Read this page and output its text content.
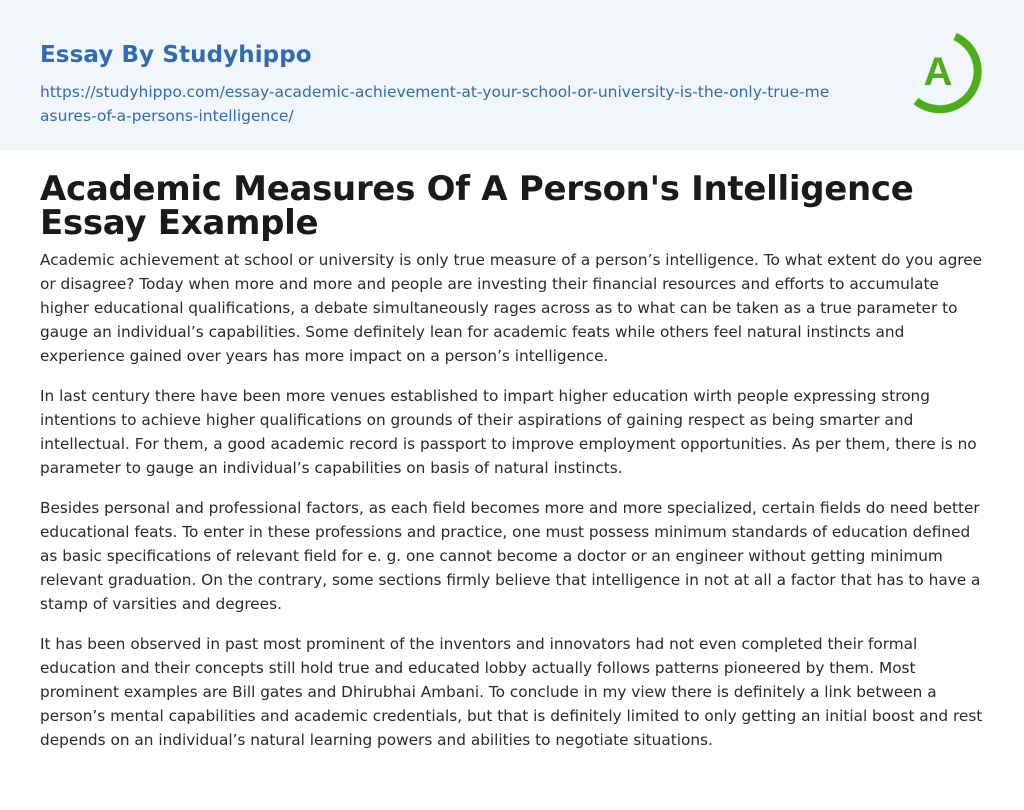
Essay By Studyhippo
https://studyhippo.com/essay-academic-achievement-at-your-school-or-university-is-the-only-true-measures-of-a-persons-intelligence/
A
Academic Measures Of A Person's Intelligence Essay Example

Academic achievement at school or university is only true measure of a person’s intelligence. To what extent do you agree or disagree? Today when more and more and people are investing their financial resources and efforts to accumulate higher educational qualifications, a debate simultaneously rages across as to what can be taken as a true parameter to gauge an individual’s capabilities. Some definitely lean for academic feats while others feel natural instincts and experience gained over years has more impact on a person’s intelligence.

In last century there have been more venues established to impart higher education wirth people expressing strong intentions to achieve higher qualifications on grounds of their aspirations of gaining respect as being smarter and intellectual. For them, a good academic record is passport to improve employment opportunities. As per them, there is no parameter to gauge an individual’s capabilities on basis of natural instincts.

Besides personal and professional factors, as each field becomes more and more specialized, certain fields do need better educational feats. To enter in these professions and practice, one must possess minimum standards of education defined as basic specifications of relevant field for e. g. one cannot become a doctor or an engineer without getting minimum relevant graduation. On the contrary, some sections firmly believe that intelligence in not at all a factor that has to have a stamp of varsities and degrees.

It has been observed in past most prominent of the inventors and innovators had not even completed their formal education and their concepts still hold true and educated lobby actually follows patterns pioneered by them. Most prominent examples are Bill gates and Dhirubhai Ambani. To conclude in my view there is definitely a link between a person’s mental capabilities and academic credentials, but that is definitely limited to only getting an initial boost and rest depends on an individual’s natural learning powers and abilities to negotiate situations.
